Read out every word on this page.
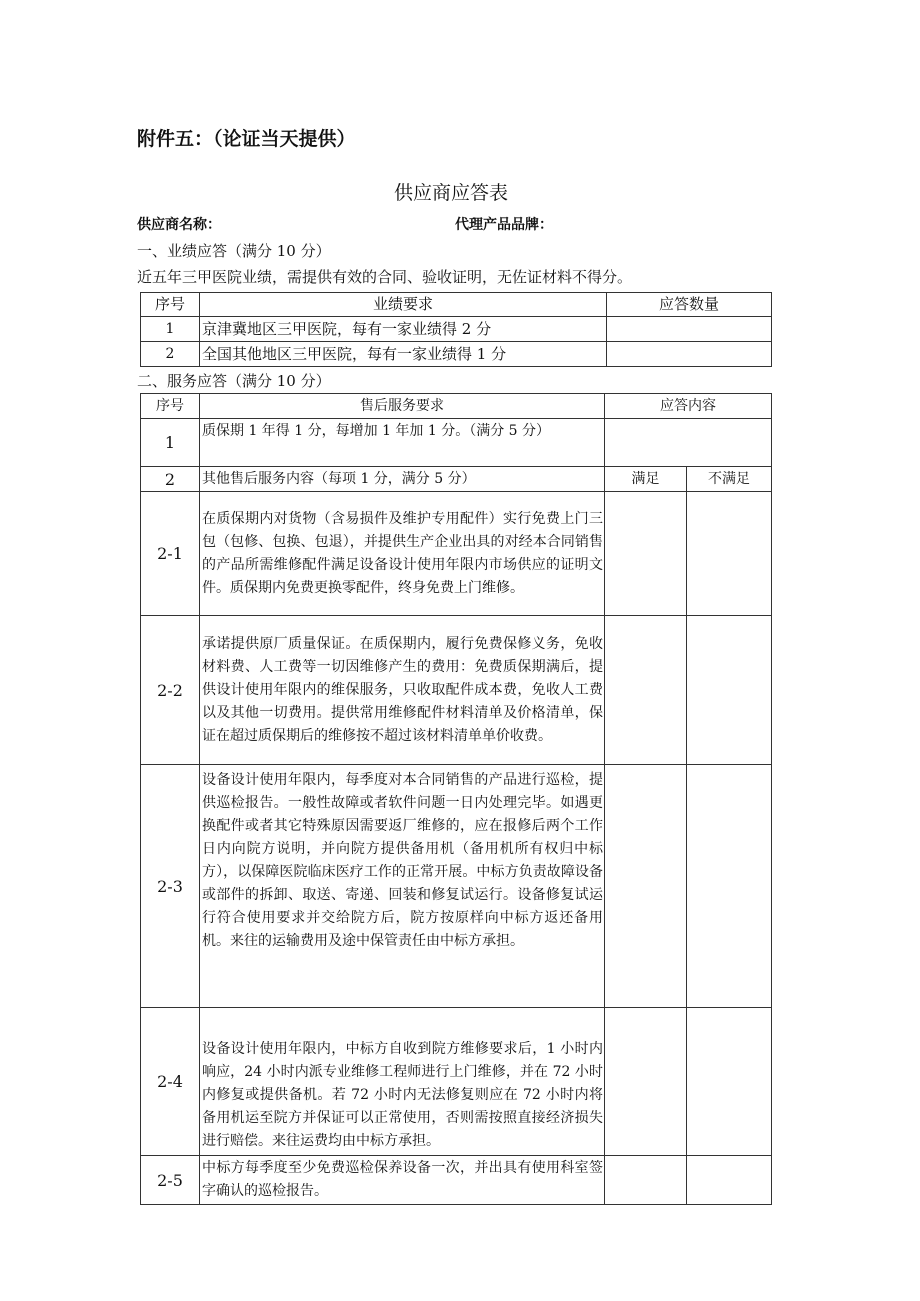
附件五：（论证当天提供）
供应商应答表
供应商名称：	代理产品品牌：
一、业绩应答（满分 10 分）
近五年三甲医院业绩，需提供有效的合同、验收证明，无佐证材料不得分。
序号	业绩要求	应答数量
1	京津冀地区三甲医院，每有一家业绩得 2 分	
2	全国其他地区三甲医院，每有一家业绩得 1 分	
二、服务应答（满分 10 分）
序号	售后服务要求	应答内容	
1	质保期 1 年得 1 分，每增加 1 年加 1 分。（满分 5 分）		
2	其他售后服务内容（每项 1 分，满分 5 分）	满足	不满足
2-1	在质保期内对货物（含易损件及维护专用配件）实行免费上门三包（包修、包换、包退），并提供生产企业出具的对经本合同销售的产品所需维修配件满足设备设计使用年限内市场供应的证明文件。质保期内免费更换零配件，终身免费上门维修。		
2-2	承诺提供原厂质量保证。在质保期内，履行免费保修义务，免收材料费、人工费等一切因维修产生的费用：免费质保期满后，提供设计使用年限内的维保服务，只收取配件成本费，免收人工费以及其他一切费用。提供常用维修配件材料清单及价格清单，保证在超过质保期后的维修按不超过该材料清单单价收费。		
2-3	设备设计使用年限内，每季度对本合同销售的产品进行巡检，提供巡检报告。一般性故障或者软件问题一日内处理完毕。如遇更换配件或者其它特殊原因需要返厂维修的，应在报修后两个工作日内向院方说明，并向院方提供备用机（备用机所有权归中标方），以保障医院临床医疗工作的正常开展。中标方负责故障设备或部件的拆卸、取送、寄递、回装和修复试运行。设备修复试运行符合使用要求并交给院方后，院方按原样向中标方返还备用机。来往的运输费用及途中保管责任由中标方承担。		
2-4	设备设计使用年限内，中标方自收到院方维修要求后，1 小时内响应，24 小时内派专业维修工程师进行上门维修，并在 72 小时内修复或提供备机。若 72 小时内无法修复则应在 72 小时内将备用机运至院方并保证可以正常使用，否则需按照直接经济损失进行赔偿。来往运费均由中标方承担。		
2-5	中标方每季度至少免费巡检保养设备一次，并出具有使用科室签字确认的巡检报告。		
